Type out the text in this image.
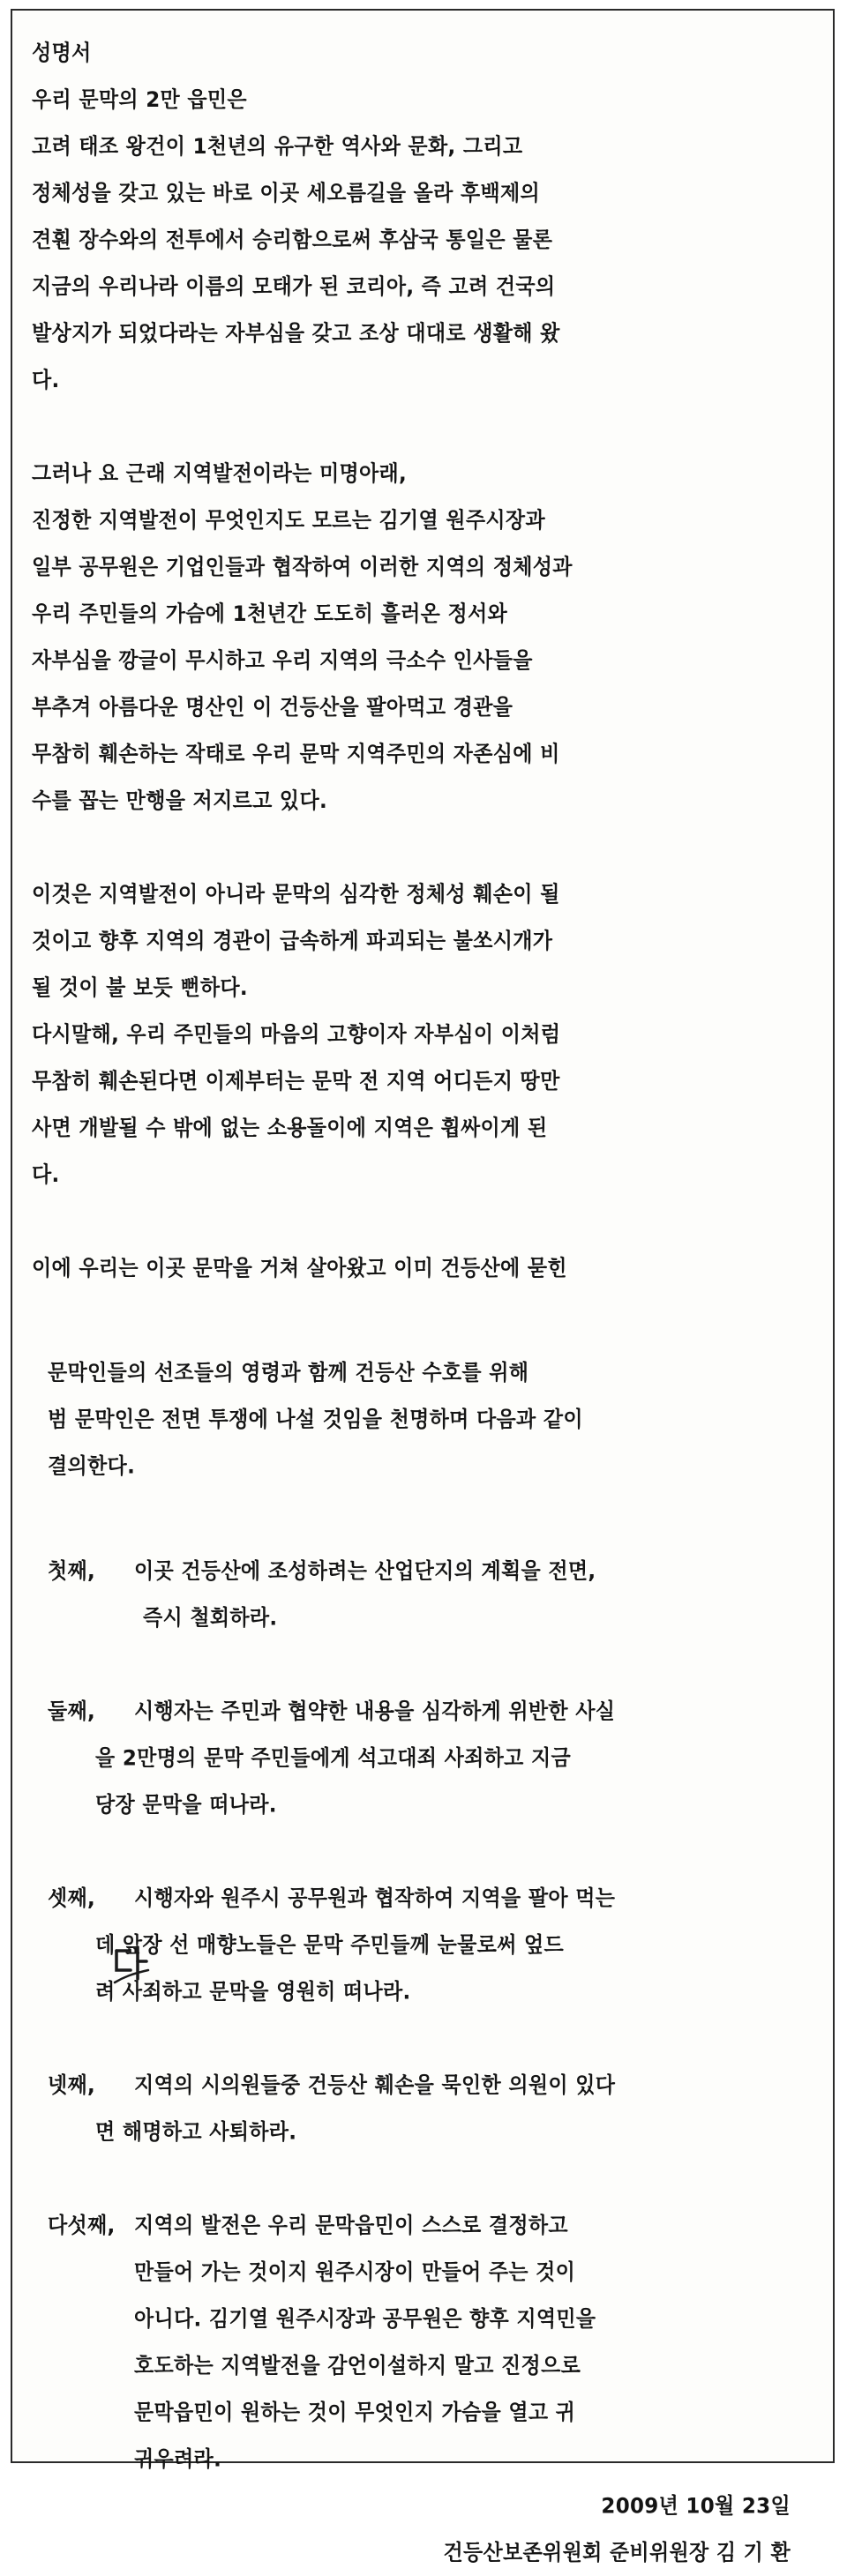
성명서
우리 문막의 2만 읍민은
고려 태조 왕건이 1천년의 유구한 역사와 문화, 그리고
정체성을 갖고 있는 바로 이곳 세오름길을 올라 후백제의
견훤 장수와의 전투에서 승리함으로써 후삼국 통일은 물론
지금의 우리나라 이름의 모태가 된 코리아, 즉 고려 건국의
발상지가 되었다라는 자부심을 갖고 조상 대대로 생활해 왔
다.
그러나 요 근래 지역발전이라는 미명아래,
진정한 지역발전이 무엇인지도 모르는 김기열 원주시장과
일부 공무원은 기업인들과 협작하여 이러한 지역의 정체성과
우리 주민들의 가슴에 1천년간 도도히 흘러온 정서와
자부심을 깡글이 무시하고 우리 지역의 극소수 인사들을
부추겨 아름다운 명산인 이 건등산을 팔아먹고 경관을
무참히 훼손하는 작태로 우리 문막 지역주민의 자존심에 비
수를 꼽는 만행을 저지르고 있다.
이것은 지역발전이 아니라 문막의 심각한 정체성 훼손이 될
것이고 향후 지역의 경관이 급속하게 파괴되는 불쏘시개가
될 것이 불 보듯 뻔하다.
다시말해, 우리 주민들의 마음의 고향이자 자부심이 이처럼
무참히 훼손된다면 이제부터는 문막 전 지역 어디든지 땅만
사면 개발될 수 밖에 없는 소용돌이에 지역은 휩싸이게 된
다.
이에 우리는 이곳 문막을 거쳐 살아왔고 이미 건등산에 묻힌
문막인들의 선조들의 영령과 함께 건등산 수호를 위해
범 문막인은 전면 투쟁에 나설 것임을 천명하며 다음과 같이
결의한다.
첫째,	이곳 건등산에 조성하려는 산업단지의 계획을 전면,
즉시 철회하라.
둘째,	시행자는 주민과 협약한 내용을 심각하게 위반한 사실
을 2만명의 문막 주민들에게 석고대죄 사죄하고 지금
당장 문막을 떠나라.
셋째,	시행자와 원주시 공무원과 협작하여 지역을 팔아 먹는
데 앞장 선 매향노들은 문막 주민들께 눈물로써 엎드
려 사죄하고 문막을 영원히 떠나라.
넷째,	지역의 시의원들중 건등산 훼손을 묵인한 의원이 있다
면 해명하고 사퇴하라.
다섯째, 지역의 발전은 우리 문막읍민이 스스로 결정하고
만들어 가는 것이지 원주시장이 만들어 주는 것이
아니다. 김기열 원주시장과 공무원은 향후 지역민을
호도하는 지역발전을 감언이설하지 말고 진정으로
문막읍민이 원하는 것이 무엇인지 가슴을 열고 귀
귀우려라.
2009년 10월 23일
건등산보존위원회 준비위원장 김 기 환
